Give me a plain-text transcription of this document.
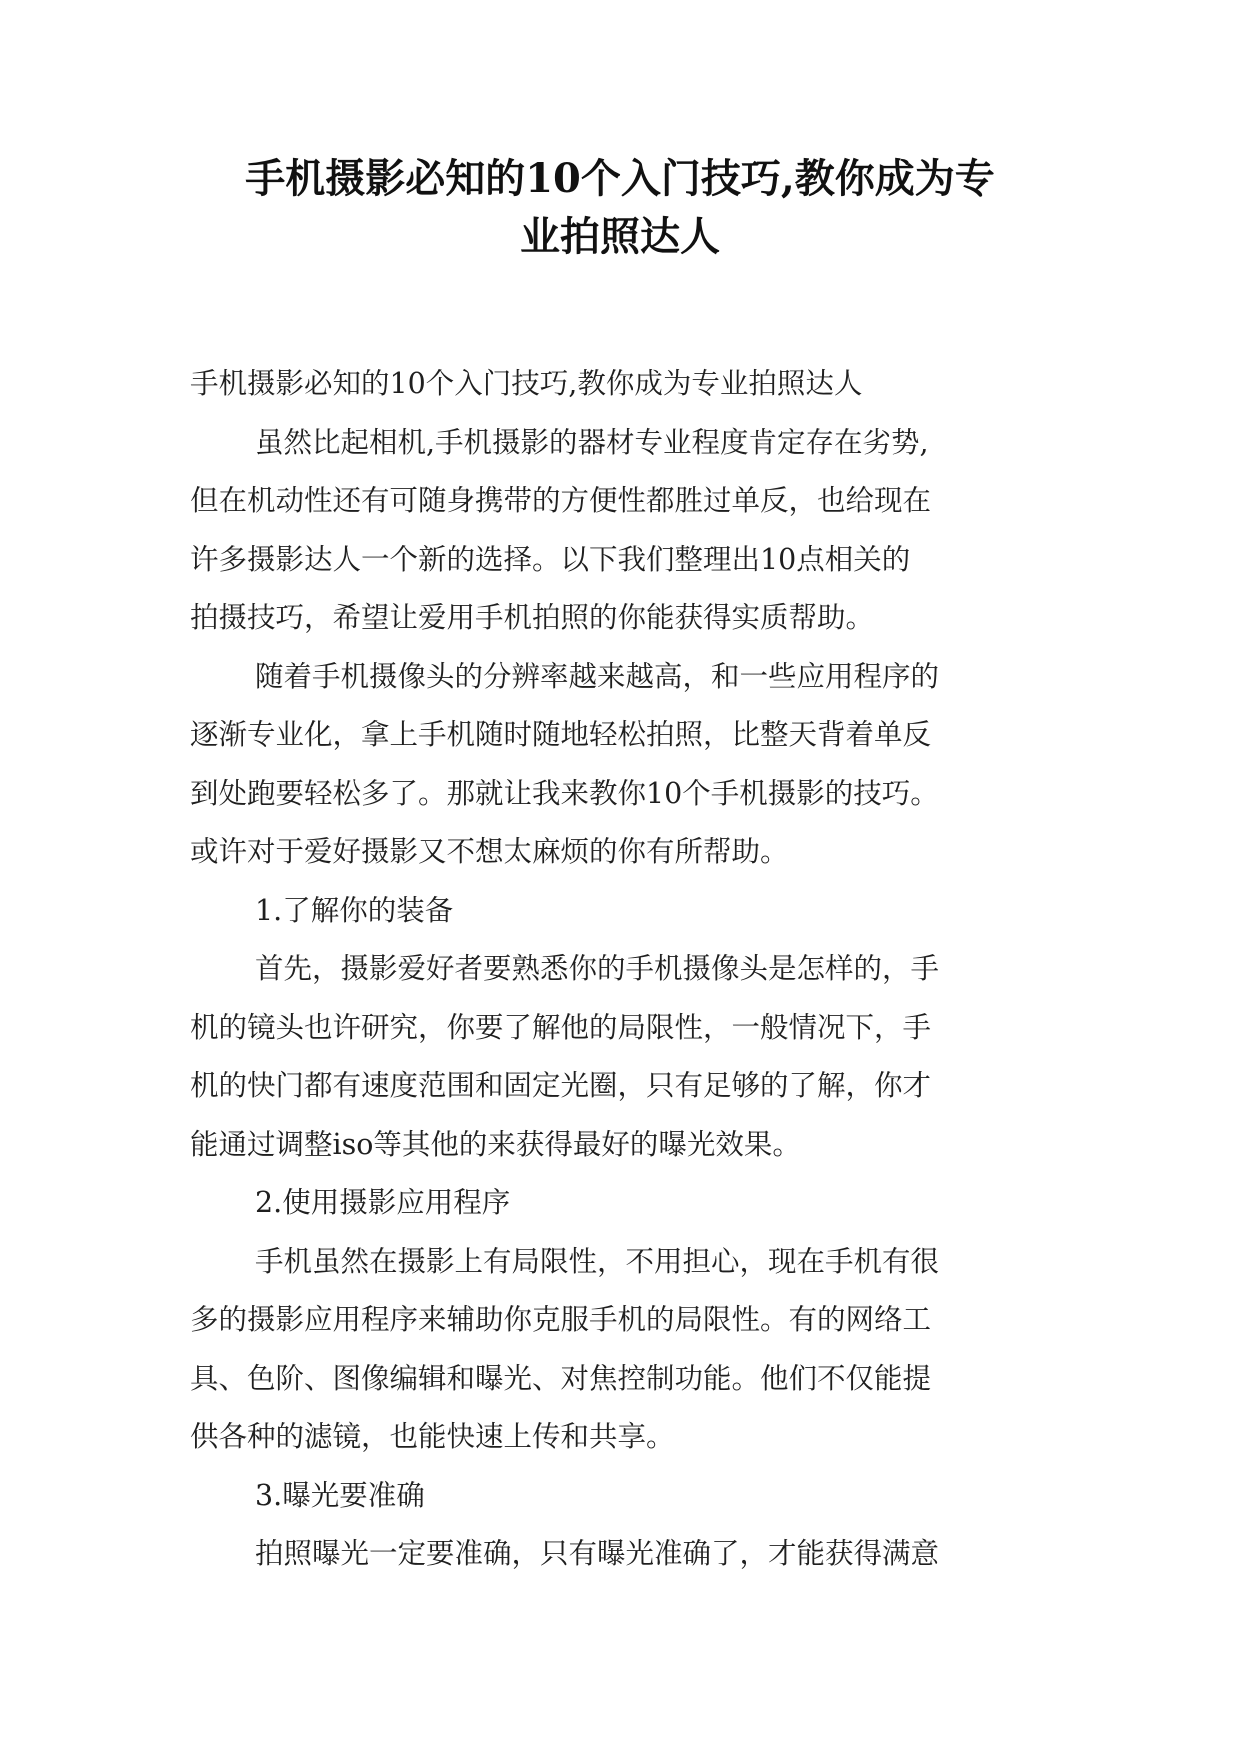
手机摄影必知的10个入门技巧,教你成为专
业拍照达人
手机摄影必知的10个入门技巧,教你成为专业拍照达人
虽然比起相机,手机摄影的器材专业程度肯定存在劣势,
但在机动性还有可随身携带的方便性都胜过单反，也给现在
许多摄影达人一个新的选择。以下我们整理出10点相关的
拍摄技巧，希望让爱用手机拍照的你能获得实质帮助。
随着手机摄像头的分辨率越来越高，和一些应用程序的
逐渐专业化，拿上手机随时随地轻松拍照，比整天背着单反
到处跑要轻松多了。那就让我来教你10个手机摄影的技巧。
或许对于爱好摄影又不想太麻烦的你有所帮助。
1.了解你的装备
首先，摄影爱好者要熟悉你的手机摄像头是怎样的，手
机的镜头也许研究，你要了解他的局限性，一般情况下，手
机的快门都有速度范围和固定光圈，只有足够的了解，你才
能通过调整iso等其他的来获得最好的曝光效果。
2.使用摄影应用程序
手机虽然在摄影上有局限性，不用担心，现在手机有很
多的摄影应用程序来辅助你克服手机的局限性。有的网络工
具、色阶、图像编辑和曝光、对焦控制功能。他们不仅能提
供各种的滤镜，也能快速上传和共享。
3.曝光要准确
拍照曝光一定要准确，只有曝光准确了，才能获得满意
